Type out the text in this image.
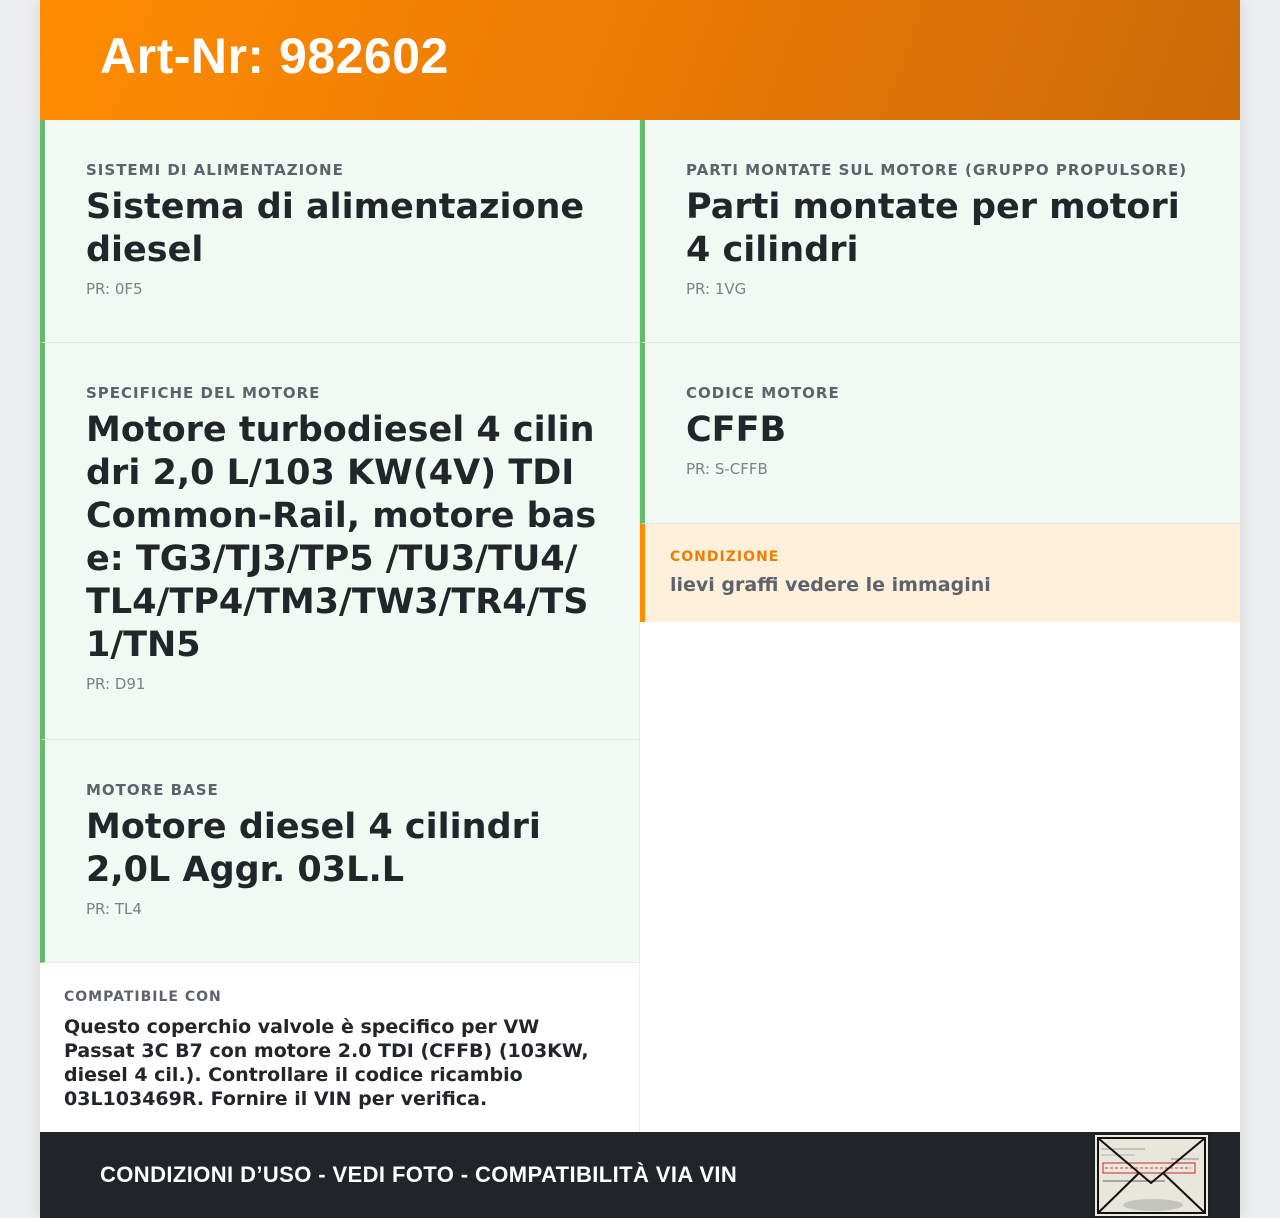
Art-Nr: 982602
SISTEMI DI ALIMENTAZIONE
Sistema di alimentazione diesel
PR: 0F5
SPECIFICHE DEL MOTORE
Motore turbodiesel 4 cilindri 2,0 L/103 KW(4V) TDI Common-Rail, motore base: TG3/TJ3/TP5 /TU3/TU4/TL4/TP4/TM3/TW3/TR4/TS1/TN5
PR: D91
MOTORE BASE
Motore diesel 4 cilindri 2,0L Aggr. 03L.L
PR: TL4
COMPATIBILE CON
Questo coperchio valvole è specifico per VW Passat 3C B7 con motore 2.0 TDI (CFFB) (103KW, diesel 4 cil.). Controllare il codice ricambio 03L103469R. Fornire il VIN per verifica.
PARTI MONTATE SUL MOTORE (GRUPPO PROPULSORE)
Parti montate per motori 4 cilindri
PR: 1VG
CODICE MOTORE
CFFB
PR: S-CFFB
CONDIZIONE
lievi graffi vedere le immagini
CONDIZIONI D’USO - VEDI FOTO - COMPATIBILITÀ VIA VIN
